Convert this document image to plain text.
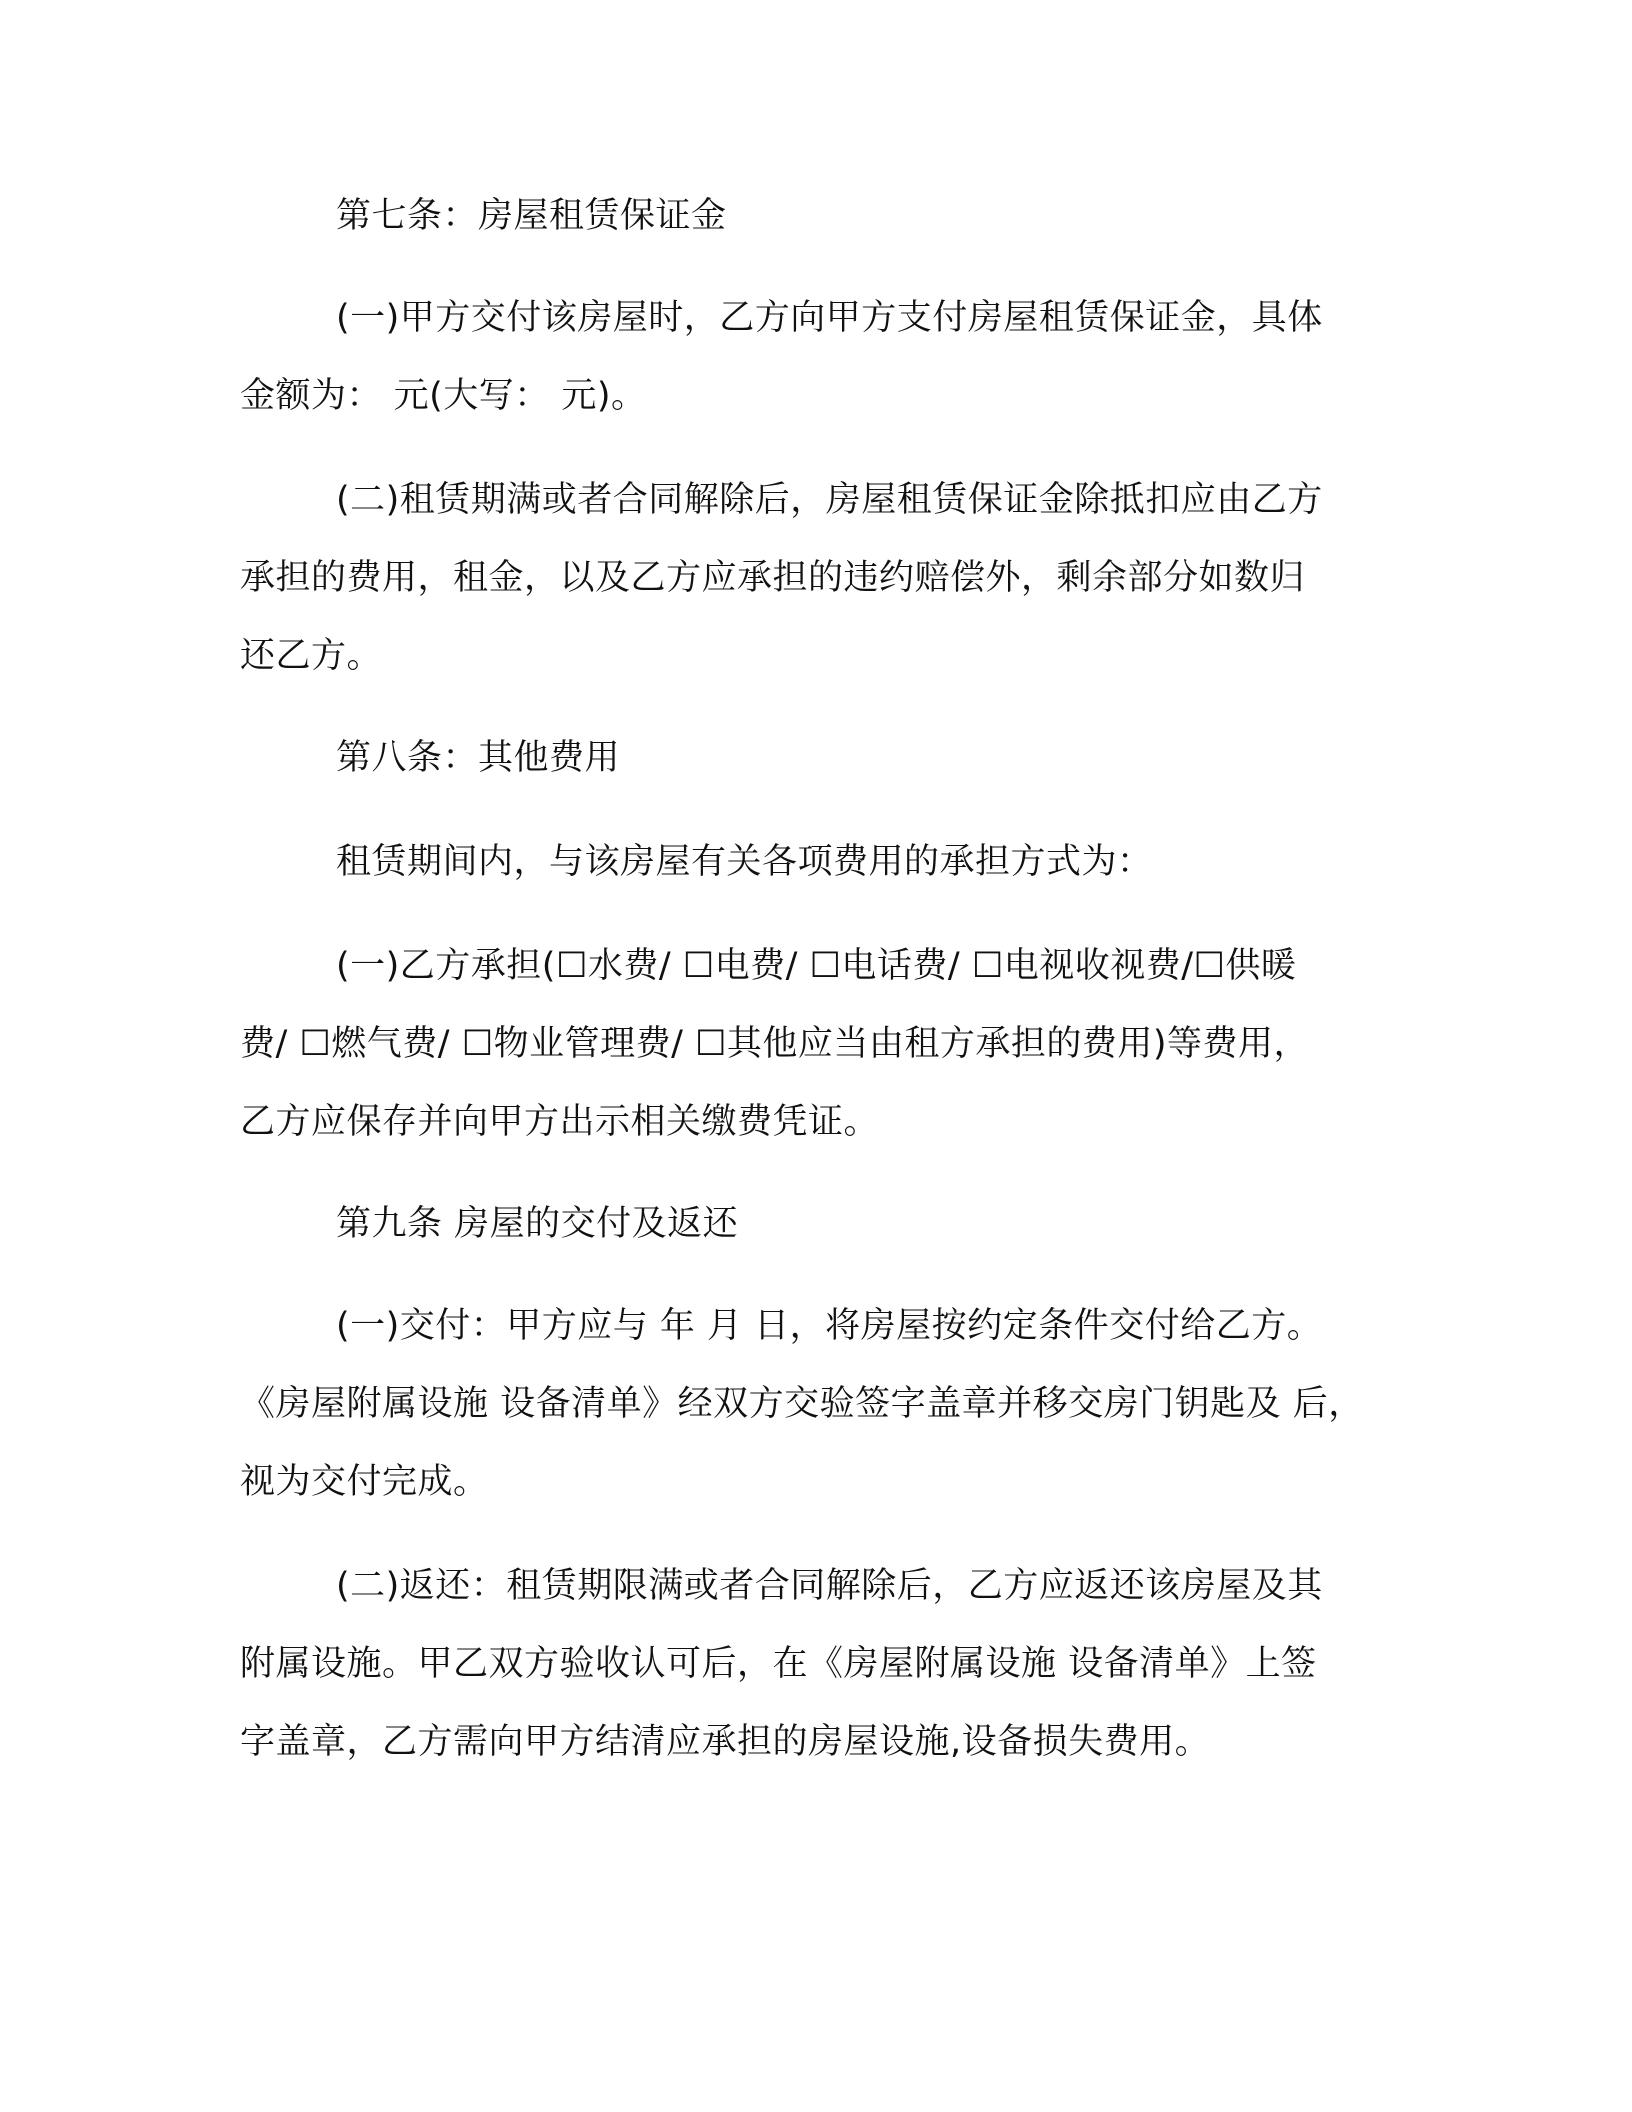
第七条：房屋租赁保证金
(一)甲方交付该房屋时，乙方向甲方支付房屋租赁保证金，具体
金额为： 元(大写： 元)。
(二)租赁期满或者合同解除后，房屋租赁保证金除抵扣应由乙方
承担的费用，租金，以及乙方应承担的违约赔偿外，剩余部分如数归
还乙方。
第八条：其他费用
租赁期间内，与该房屋有关各项费用的承担方式为：
(一)乙方承担(☐水费/ ☐电费/ ☐电话费/ ☐电视收视费/☐供暖
费/ ☐燃气费/ ☐物业管理费/ ☐其他应当由租方承担的费用)等费用，
乙方应保存并向甲方出示相关缴费凭证。
第九条 房屋的交付及返还
(一)交付：甲方应与 年 月 日，将房屋按约定条件交付给乙方。
《房屋附属设施 设备清单》经双方交验签字盖章并移交房门钥匙及 后，
视为交付完成。
(二)返还：租赁期限满或者合同解除后，乙方应返还该房屋及其
附属设施。甲乙双方验收认可后，在《房屋附属设施 设备清单》上签
字盖章，乙方需向甲方结清应承担的房屋设施,设备损失费用。
